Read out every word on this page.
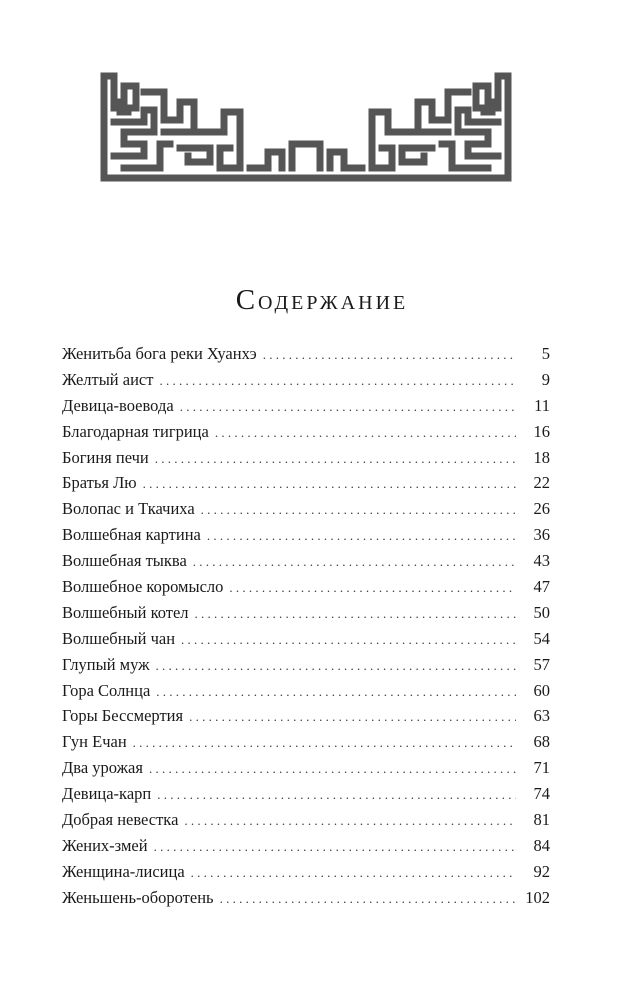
Содержание
Женитьба бога реки Хуанхэ . . .	5
Желтый аист . . .	9
Девица-воевода . . .	11
Благодарная тигрица . . .	16
Богиня печи . . .	18
Братья Лю . . .	22
Волопас и Ткачиха . . .	26
Волшебная картина . . .	36
Волшебная тыква . . .	43
Волшебное коромысло . . .	47
Волшебный котел . . .	50
Волшебный чан . . .	54
Глупый муж . . .	57
Гора Солнца . . .	60
Горы Бессмертия . . .	63
Гун Ечан . . .	68
Два урожая . . .	71
Девица-карп . . .	74
Добрая невестка . . .	81
Жених-змей . . .	84
Женщина-лисица . . .	92
Женьшень-оборотень . . .	102
